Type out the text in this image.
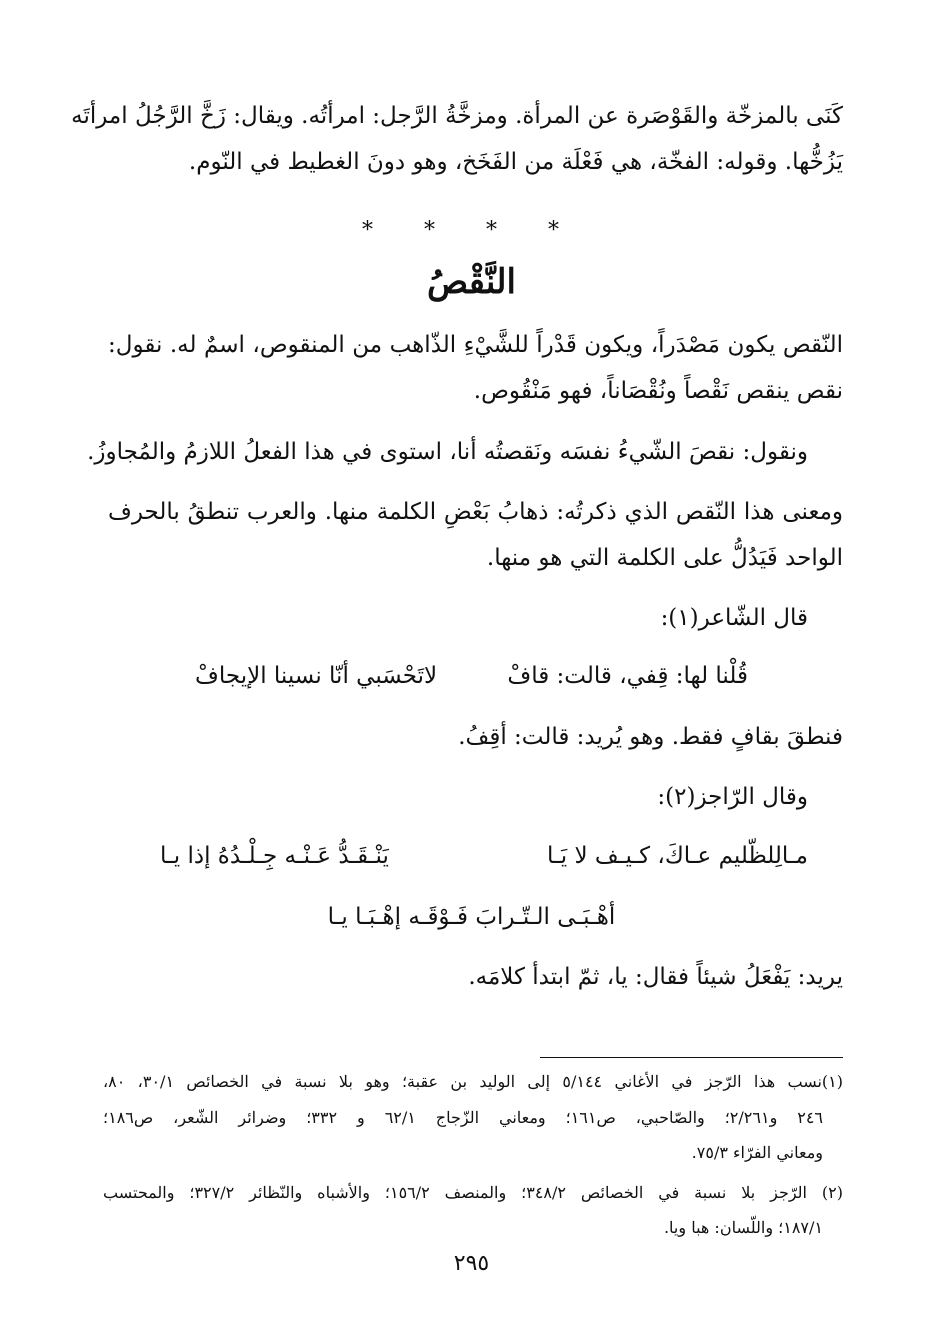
كَنَى بالمزخّة والقَوْصَرة عن المرأة. ومزخَّةُ الرَّجل: امرأتُه. ويقال: زَخَّ الرَّجُلُ امرأتَه
يَزُخُّها. وقوله: الفخّة، هي فَعْلَة من الفَخَخ، وهو دونَ الغطيط في النّوم.
* * * *
النَّقْصُ
النّقص يكون مَصْدَراً، ويكون قَدْراً للشَّيْءِ الذّاهب من المنقوص، اسمٌ له. نقول:
نقص ينقص نَقْصاً ونُقْصَاناً، فهو مَنْقُوص.
ونقول: نقصَ الشّيءُ نفسَه ونَقصتُه أنا، استوى في هذا الفعلُ اللازمُ والمُجاوزُ.
ومعنى هذا النّقص الذي ذكرتُه: ذهابُ بَعْضِ الكلمة منها. والعرب تنطقُ بالحرف
الواحد فَيَدُلُّ على الكلمة التي هو منها.
قال الشّاعر(١):
قُلْنا لها: قِفي، قالت: قافْ
لاتَحْسَبي أنّا نسينا الإيجافْ
فنطقَ بقافٍ فقط. وهو يُريد: قالت: أقِفُ.
وقال الرّاجز(٢):
مـالِلظّليم عـاكَ، كـيـف لا يَـا
يَنْـقَـدُّ عَـنْـه جِـلْـدُهُ إذا يـا
أهْـبَـى الـتّـرابَ فَـوْقَـه إهْـبَـا يـا
يريد: يَفْعَلُ شيئاً فقال: يا، ثمّ ابتدأ كلامَه.
(١)نسب هذا الرّجز في الأغاني ٥/١٤٤ إلى الوليد بن عقبة؛ وهو بلا نسبة في الخصائص ٣٠/١، ٨٠،
٢٤٦ و٢/٢٦١؛ والصّاحبي، ص١٦١؛ ومعاني الزّجاج ٦٢/١ و ٣٣٢؛ وضرائر الشّعر، ص١٨٦؛
ومعاني الفرّاء ٧٥/٣.
(٢) الرّجز بلا نسبة في الخصائص ٣٤٨/٢؛ والمنصف ١٥٦/٢؛ والأشباه والنّظائر ٣٢٧/٢؛ والمحتسب
١٨٧/١؛ واللّسان: هبا ويا.
٢٩٥
